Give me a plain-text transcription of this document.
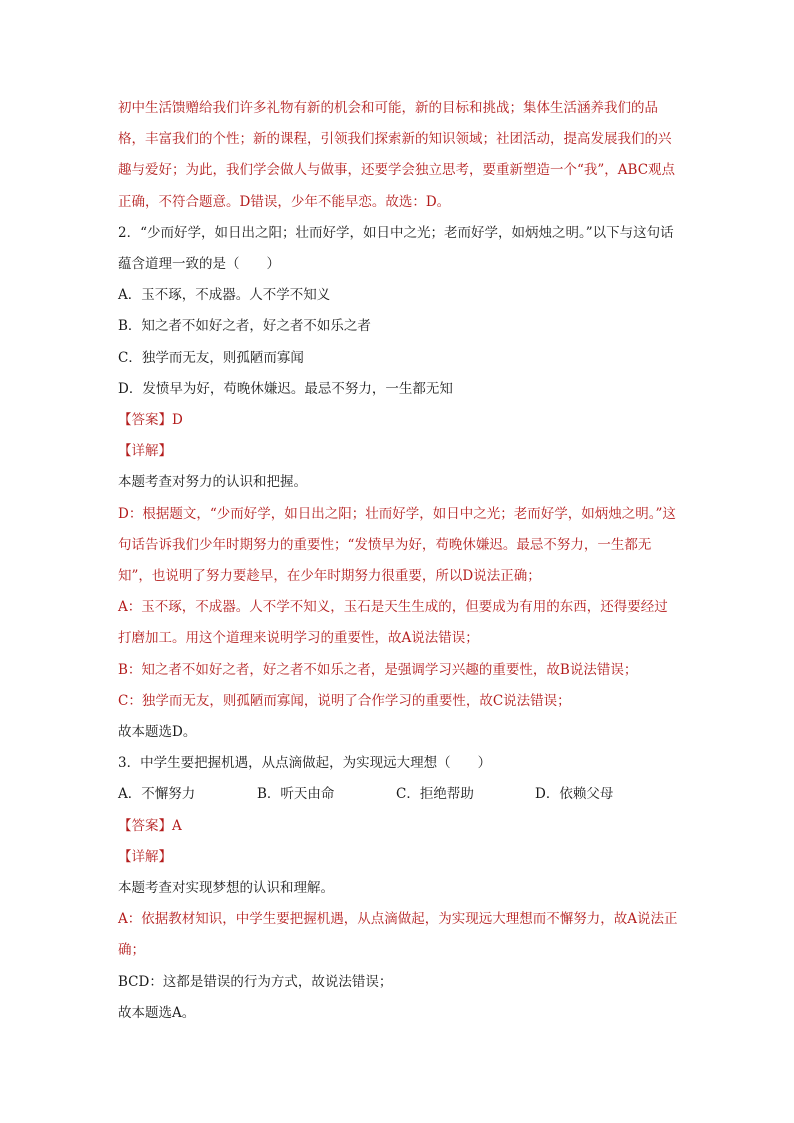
初中生活馈赠给我们许多礼物有新的机会和可能，新的目标和挑战；集体生活涵养我们的品格，丰富我们的个性；新的课程，引领我们探索新的知识领域；社团活动，提高发展我们的兴趣与爱好；为此，我们学会做人与做事，还要学会独立思考，要重新塑造一个“我”，ABC观点正确，不符合题意。D错误，少年不能早恋。故选：D。

2．“少而好学，如日出之阳；壮而好学，如日中之光；老而好学，如炳烛之明。”以下与这句话蕴含道理一致的是（　　）

A．玉不琢，不成器。人不学不知义

B．知之者不如好之者，好之者不如乐之者

C．独学而无友，则孤陋而寡闻

D．发愤早为好，苟晚休嫌迟。最忌不努力，一生都无知

【答案】D

【详解】

本题考查对努力的认识和把握。

D：根据题文，“少而好学，如日出之阳；壮而好学，如日中之光；老而好学，如炳烛之明。”这句话告诉我们少年时期努力的重要性；“发愤早为好，苟晚休嫌迟。最忌不努力，一生都无知”，也说明了努力要趁早，在少年时期努力很重要，所以D说法正确；

A：玉不琢，不成器。人不学不知义，玉石是天生生成的，但要成为有用的东西，还得要经过打磨加工。用这个道理来说明学习的重要性，故A说法错误；

B：知之者不如好之者，好之者不如乐之者，是强调学习兴趣的重要性，故B说法错误；

C：独学而无友，则孤陋而寡闻，说明了合作学习的重要性，故C说法错误；

故本题选D。

3．中学生要把握机遇，从点滴做起，为实现远大理想（　　）

A．不懈努力	B．听天由命	C．拒绝帮助	D．依赖父母

【答案】A

【详解】

本题考查对实现梦想的认识和理解。

A：依据教材知识，中学生要把握机遇，从点滴做起，为实现远大理想而不懈努力，故A说法正确；

BCD：这都是错误的行为方式，故说法错误；

故本题选A。
